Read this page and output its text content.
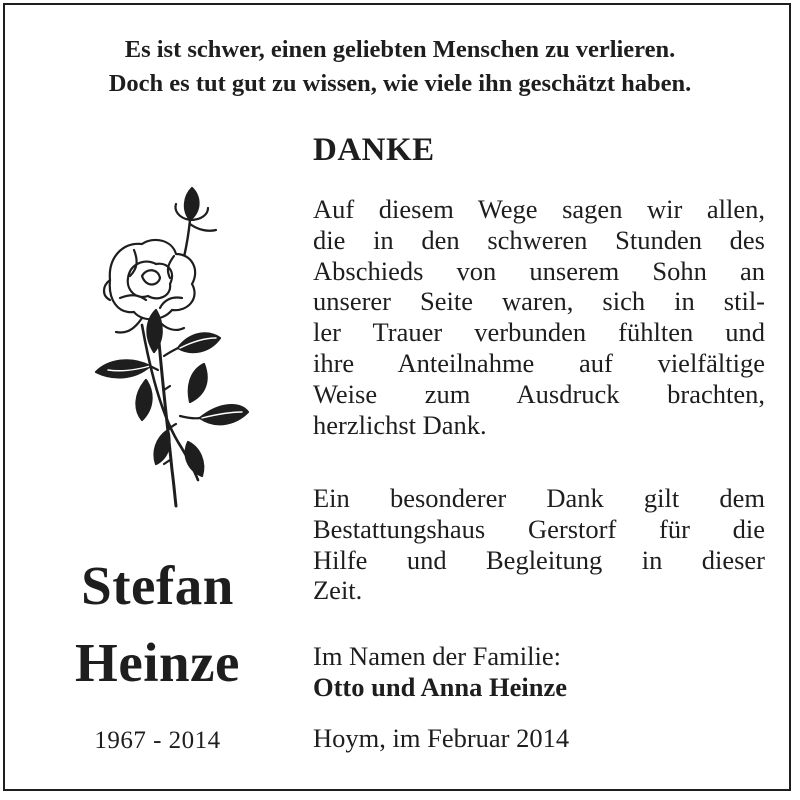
Es ist schwer, einen geliebten Menschen zu verlieren.
Doch es tut gut zu wissen, wie viele ihn geschätzt haben.
Stefan
Heinze
1967 - 2014
DANKE
Auf diesem Wege sagen wir allen,
die in den schweren Stunden des
Abschieds von unserem Sohn an
unserer Seite waren, sich in stil-
ler Trauer verbunden fühlten und
ihre Anteilnahme auf vielfältige
Weise zum Ausdruck brachten,
herzlichst Dank.
Ein besonderer Dank gilt dem
Bestattungshaus Gerstorf für die
Hilfe und Begleitung in dieser
Zeit.
Im Namen der Familie:
Otto und Anna Heinze
Hoym, im Februar 2014
